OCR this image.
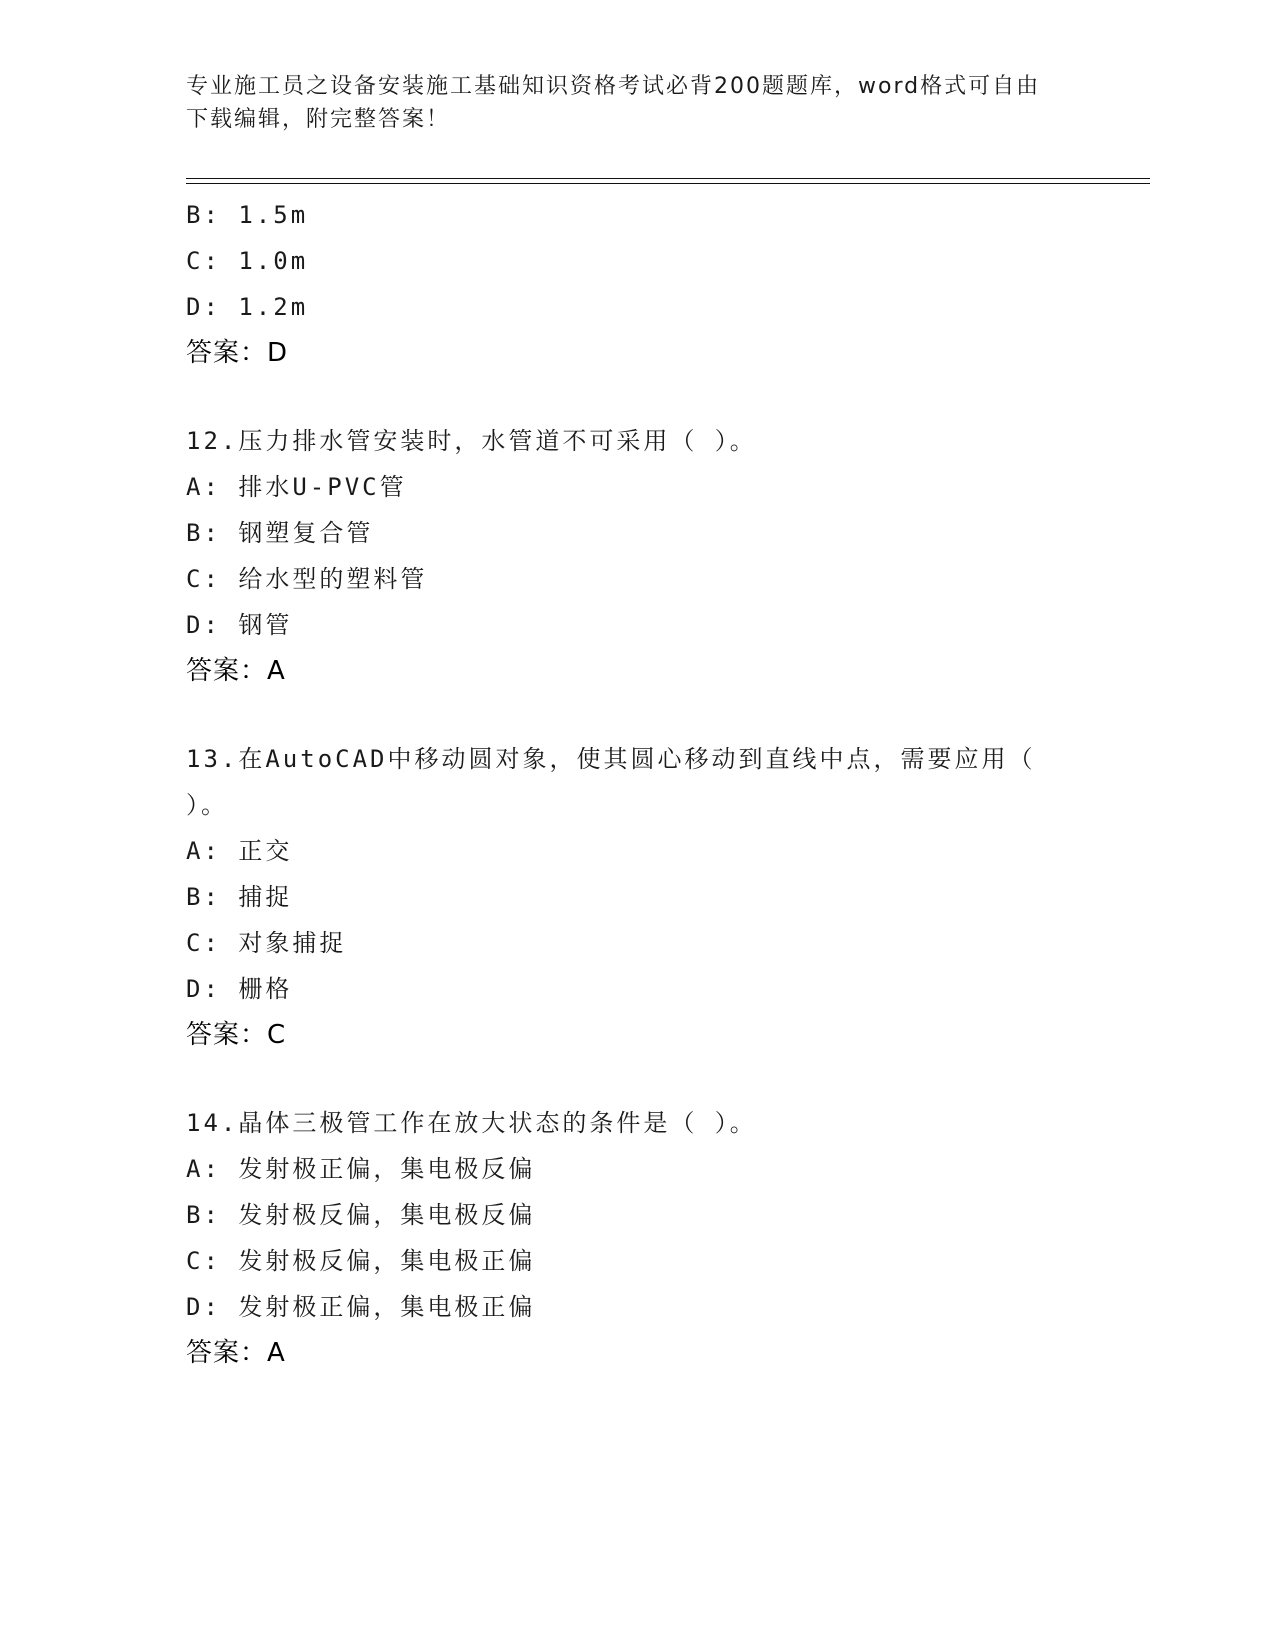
专业施工员之设备安装施工基础知识资格考试必背200题题库，word格式可自由
下载编辑，附完整答案！
B: 1.5m
C: 1.0m
D: 1.2m
答案：D
12.压力排水管安装时，水管道不可采用（ ）。
A: 排水U-PVC管
B: 钢塑复合管
C: 给水型的塑料管
D: 钢管
答案：A
13.在AutoCAD中移动圆对象，使其圆心移动到直线中点，需要应用（
）。
A: 正交
B: 捕捉
C: 对象捕捉
D: 栅格
答案：C
14.晶体三极管工作在放大状态的条件是（ ）。
A: 发射极正偏，集电极反偏
B: 发射极反偏，集电极反偏
C: 发射极反偏，集电极正偏
D: 发射极正偏，集电极正偏
答案：A
